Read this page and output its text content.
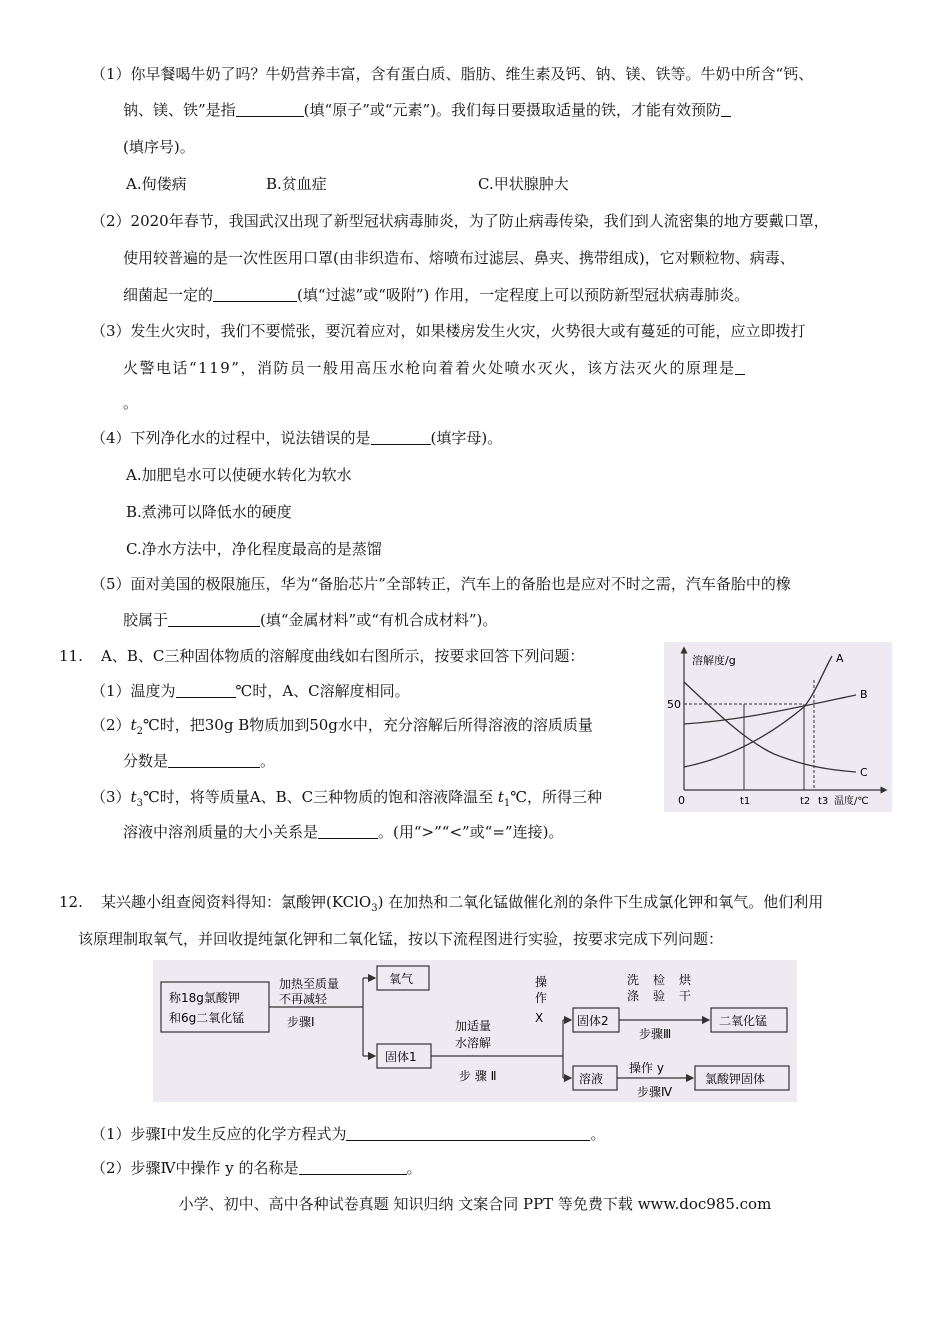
（1）你早餐喝牛奶了吗？牛奶营养丰富，含有蛋白质、脂肪、维生素及钙、钠、镁、铁等。牛奶中所含“钙、
钠、镁、铁”是指	(填“原子”或“元素”)。我们每日要摄取适量的铁，才能有效预防
(填序号)。
A.佝偻病	B.贫血症	C.甲状腺肿大
（2）2020年春节，我国武汉出现了新型冠状病毒肺炎，为了防止病毒传染，我们到人流密集的地方要戴口罩，
使用较普遍的是一次性医用口罩(由非织造布、熔喷布过滤层、鼻夹、携带组成)，它对颗粒物、病毒、
细菌起一定的	(填“过滤”或“吸附”) 作用，一定程度上可以预防新型冠状病毒肺炎。
（3）发生火灾时，我们不要慌张，要沉着应对，如果楼房发生火灾，火势很大或有蔓延的可能，应立即拨打
火警电话“119”，消防员一般用高压水枪向着着火处喷水灭火，该方法灭火的原理是
。
（4）下列净化水的过程中，说法错误的是	(填字母)。
A.加肥皂水可以使硬水转化为软水
B.煮沸可以降低水的硬度
C.净水方法中，净化程度最高的是蒸馏
（5）面对美国的极限施压，华为“备胎芯片”全部转正，汽车上的备胎也是应对不时之需，汽车备胎中的橡
胶属于	(填“金属材料”或“有机合成材料”)。
11. A、B、C三种固体物质的溶解度曲线如右图所示，按要求回答下列问题：
（1）温度为	℃时，A、C溶解度相同。
$(2)t_2℃$时，把30g B物质加到50g水中，充分溶解后所得溶液的溶质质量
分数是	。
$(3)t_3℃$时，将等质量A、B、C三种物质的饱和溶液降温至 $t_1℃$，所得三种
溶液中溶剂质量的大小关系是	。(用“>”“<”或“=”连接)。
溶解度/g
50
0	t1	t2 t3 温度/℃
A
B
C
12. 某兴趣小组查阅资料得知：氯酸钾(KClO$_3$) 在加热和二氧化锰做催化剂的条件下生成氯化钾和氧气。他们利用
该原理制取氧气，并回收提纯氯化钾和二氧化锰，按以下流程图进行实验，按要求完成下列问题：
称18g氯酸钾
和6g二氧化锰
加热至质量
不再减轻
步骤Ⅰ
氧气
固体1
加适量
水溶解
步 骤 Ⅱ
操
作
X	固体2
洗
涤
检
验
烘
干
步骤Ⅲ
二氧化锰
溶液
操作 y
步骤Ⅳ
氯酸钾固体
（1）步骤Ⅰ中发生反应的化学方程式为	。
（2）步骤Ⅳ中操作 y 的名称是	。
小学、初中、高中各种试卷真题 知识归纳 文案合同 PPT 等免费下载 www.doc985.com
